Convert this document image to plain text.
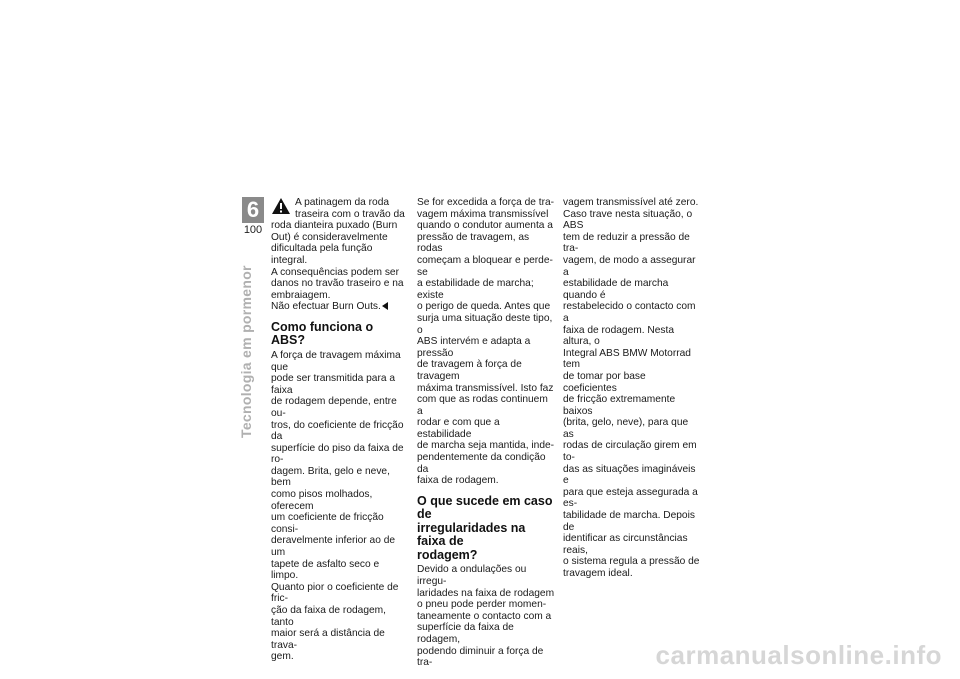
6
100
Tecnologia em pormenor

A patinagem da roda
traseira com o travão da
roda dianteira puxado (Burn
Out) é consideravelmente
dificultada pela função integral.
A consequências podem ser
danos no travão traseiro e na
embraiagem.
Não efectuar Burn Outs.

Como funciona o ABS?

A força de travagem máxima que
pode ser transmitida para a faixa
de rodagem depende, entre ou-
tros, do coeficiente de fricção da
superfície do piso da faixa de ro-
dagem. Brita, gelo e neve, bem
como pisos molhados, oferecem
um coeficiente de fricção consi-
deravelmente inferior ao de um
tapete de asfalto seco e limpo.
Quanto pior o coeficiente de fric-
ção da faixa de rodagem, tanto
maior será a distância de trava-
gem.

Se for excedida a força de tra-
vagem máxima transmissível
quando o condutor aumenta a
pressão de travagem, as rodas
começam a bloquear e perde-se
a estabilidade de marcha; existe
o perigo de queda. Antes que
surja uma situação deste tipo, o
ABS intervém e adapta a pressão
de travagem à força de travagem
máxima transmissível. Isto faz
com que as rodas continuem a
rodar e com que a estabilidade
de marcha seja mantida, inde-
pendentemente da condição da
faixa de rodagem.

O que sucede em caso de
irregularidades na faixa de
rodagem?

Devido a ondulações ou irregu-
laridades na faixa de rodagem
o pneu pode perder momen-
taneamente o contacto com a
superfície da faixa de rodagem,
podendo diminuir a força de tra-

vagem transmissível até zero.
Caso trave nesta situação, o ABS
tem de reduzir a pressão de tra-
vagem, de modo a assegurar a
estabilidade de marcha quando é
restabelecido o contacto com a
faixa de rodagem. Nesta altura, o
Integral ABS BMW Motorrad tem
de tomar por base coeficientes
de fricção extremamente baixos
(brita, gelo, neve), para que as
rodas de circulação girem em to-
das as situações imagináveis e
para que esteja assegurada a es-
tabilidade de marcha. Depois de
identificar as circunstâncias reais,
o sistema regula a pressão de
travagem ideal.

carmanualsonline.info
